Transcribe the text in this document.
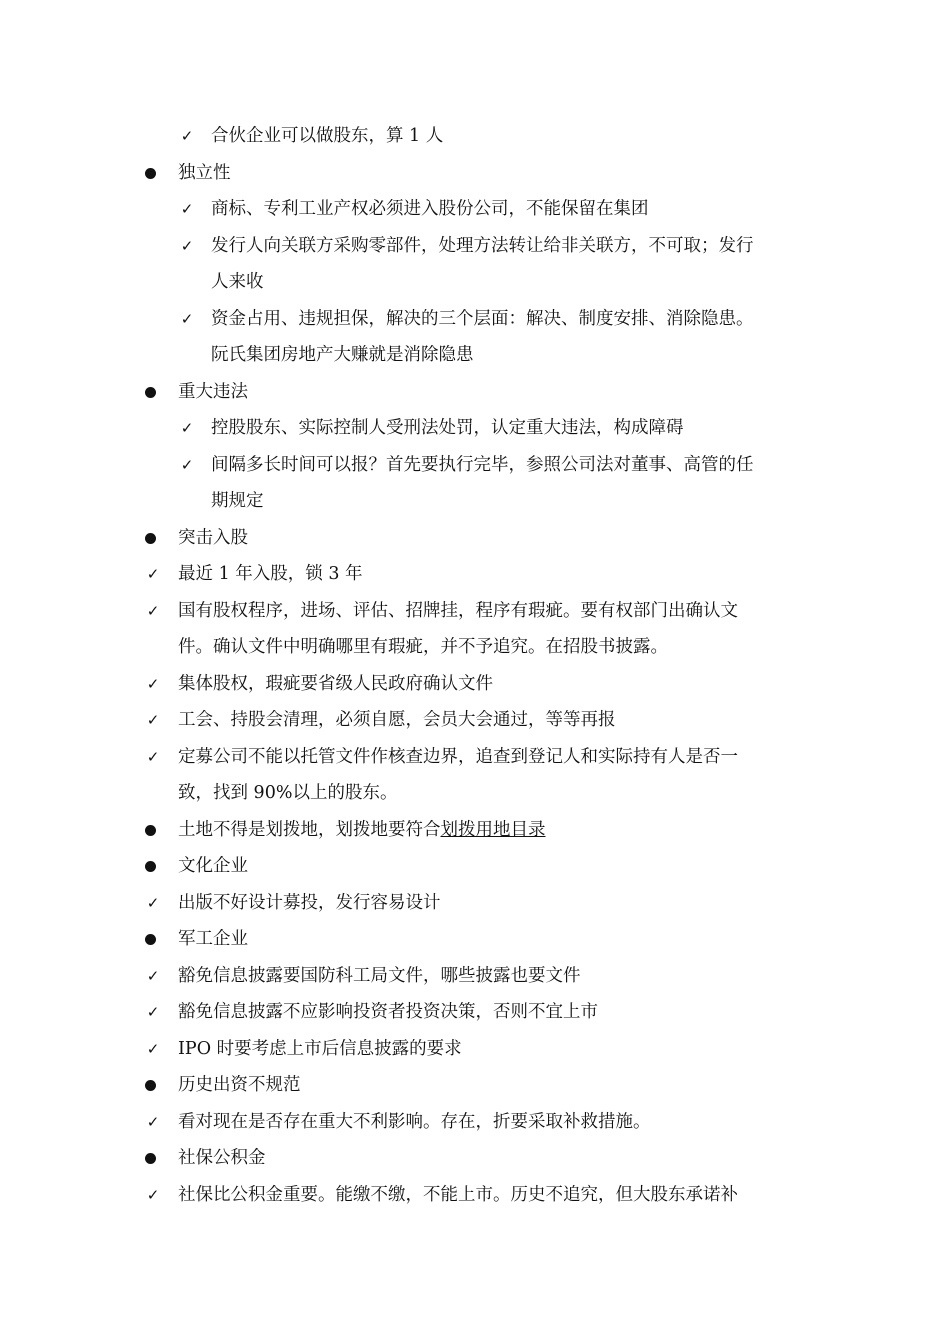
✓	合伙企业可以做股东，算 1 人
独立性
✓	商标、专利工业产权必须进入股份公司，不能保留在集团
✓	发行人向关联方采购零部件，处理方法转让给非关联方，不可取；发行
人来收
✓	资金占用、违规担保，解决的三个层面：解决、制度安排、消除隐患。
阮氏集团房地产大赚就是消除隐患
重大违法
✓	控股股东、实际控制人受刑法处罚，认定重大违法，构成障碍
✓	间隔多长时间可以报？首先要执行完毕，参照公司法对董事、高管的任
期规定
突击入股
✓	最近 1 年入股，锁 3 年
✓	国有股权程序，进场、评估、招牌挂，程序有瑕疵。要有权部门出确认文
件。确认文件中明确哪里有瑕疵，并不予追究。在招股书披露。
✓	集体股权，瑕疵要省级人民政府确认文件
✓	工会、持股会清理，必须自愿，会员大会通过，等等再报
✓	定募公司不能以托管文件作核查边界，追查到登记人和实际持有人是否一
致，找到 90%以上的股东。
土地不得是划拨地，划拨地要符合划拨用地目录
文化企业
✓	出版不好设计募投，发行容易设计
军工企业
✓	豁免信息披露要国防科工局文件，哪些披露也要文件
✓	豁免信息披露不应影响投资者投资决策，否则不宜上市
✓	IPO 时要考虑上市后信息披露的要求
历史出资不规范
✓	看对现在是否存在重大不利影响。存在，折要采取补救措施。
社保公积金
✓	社保比公积金重要。能缴不缴，不能上市。历史不追究，但大股东承诺补
